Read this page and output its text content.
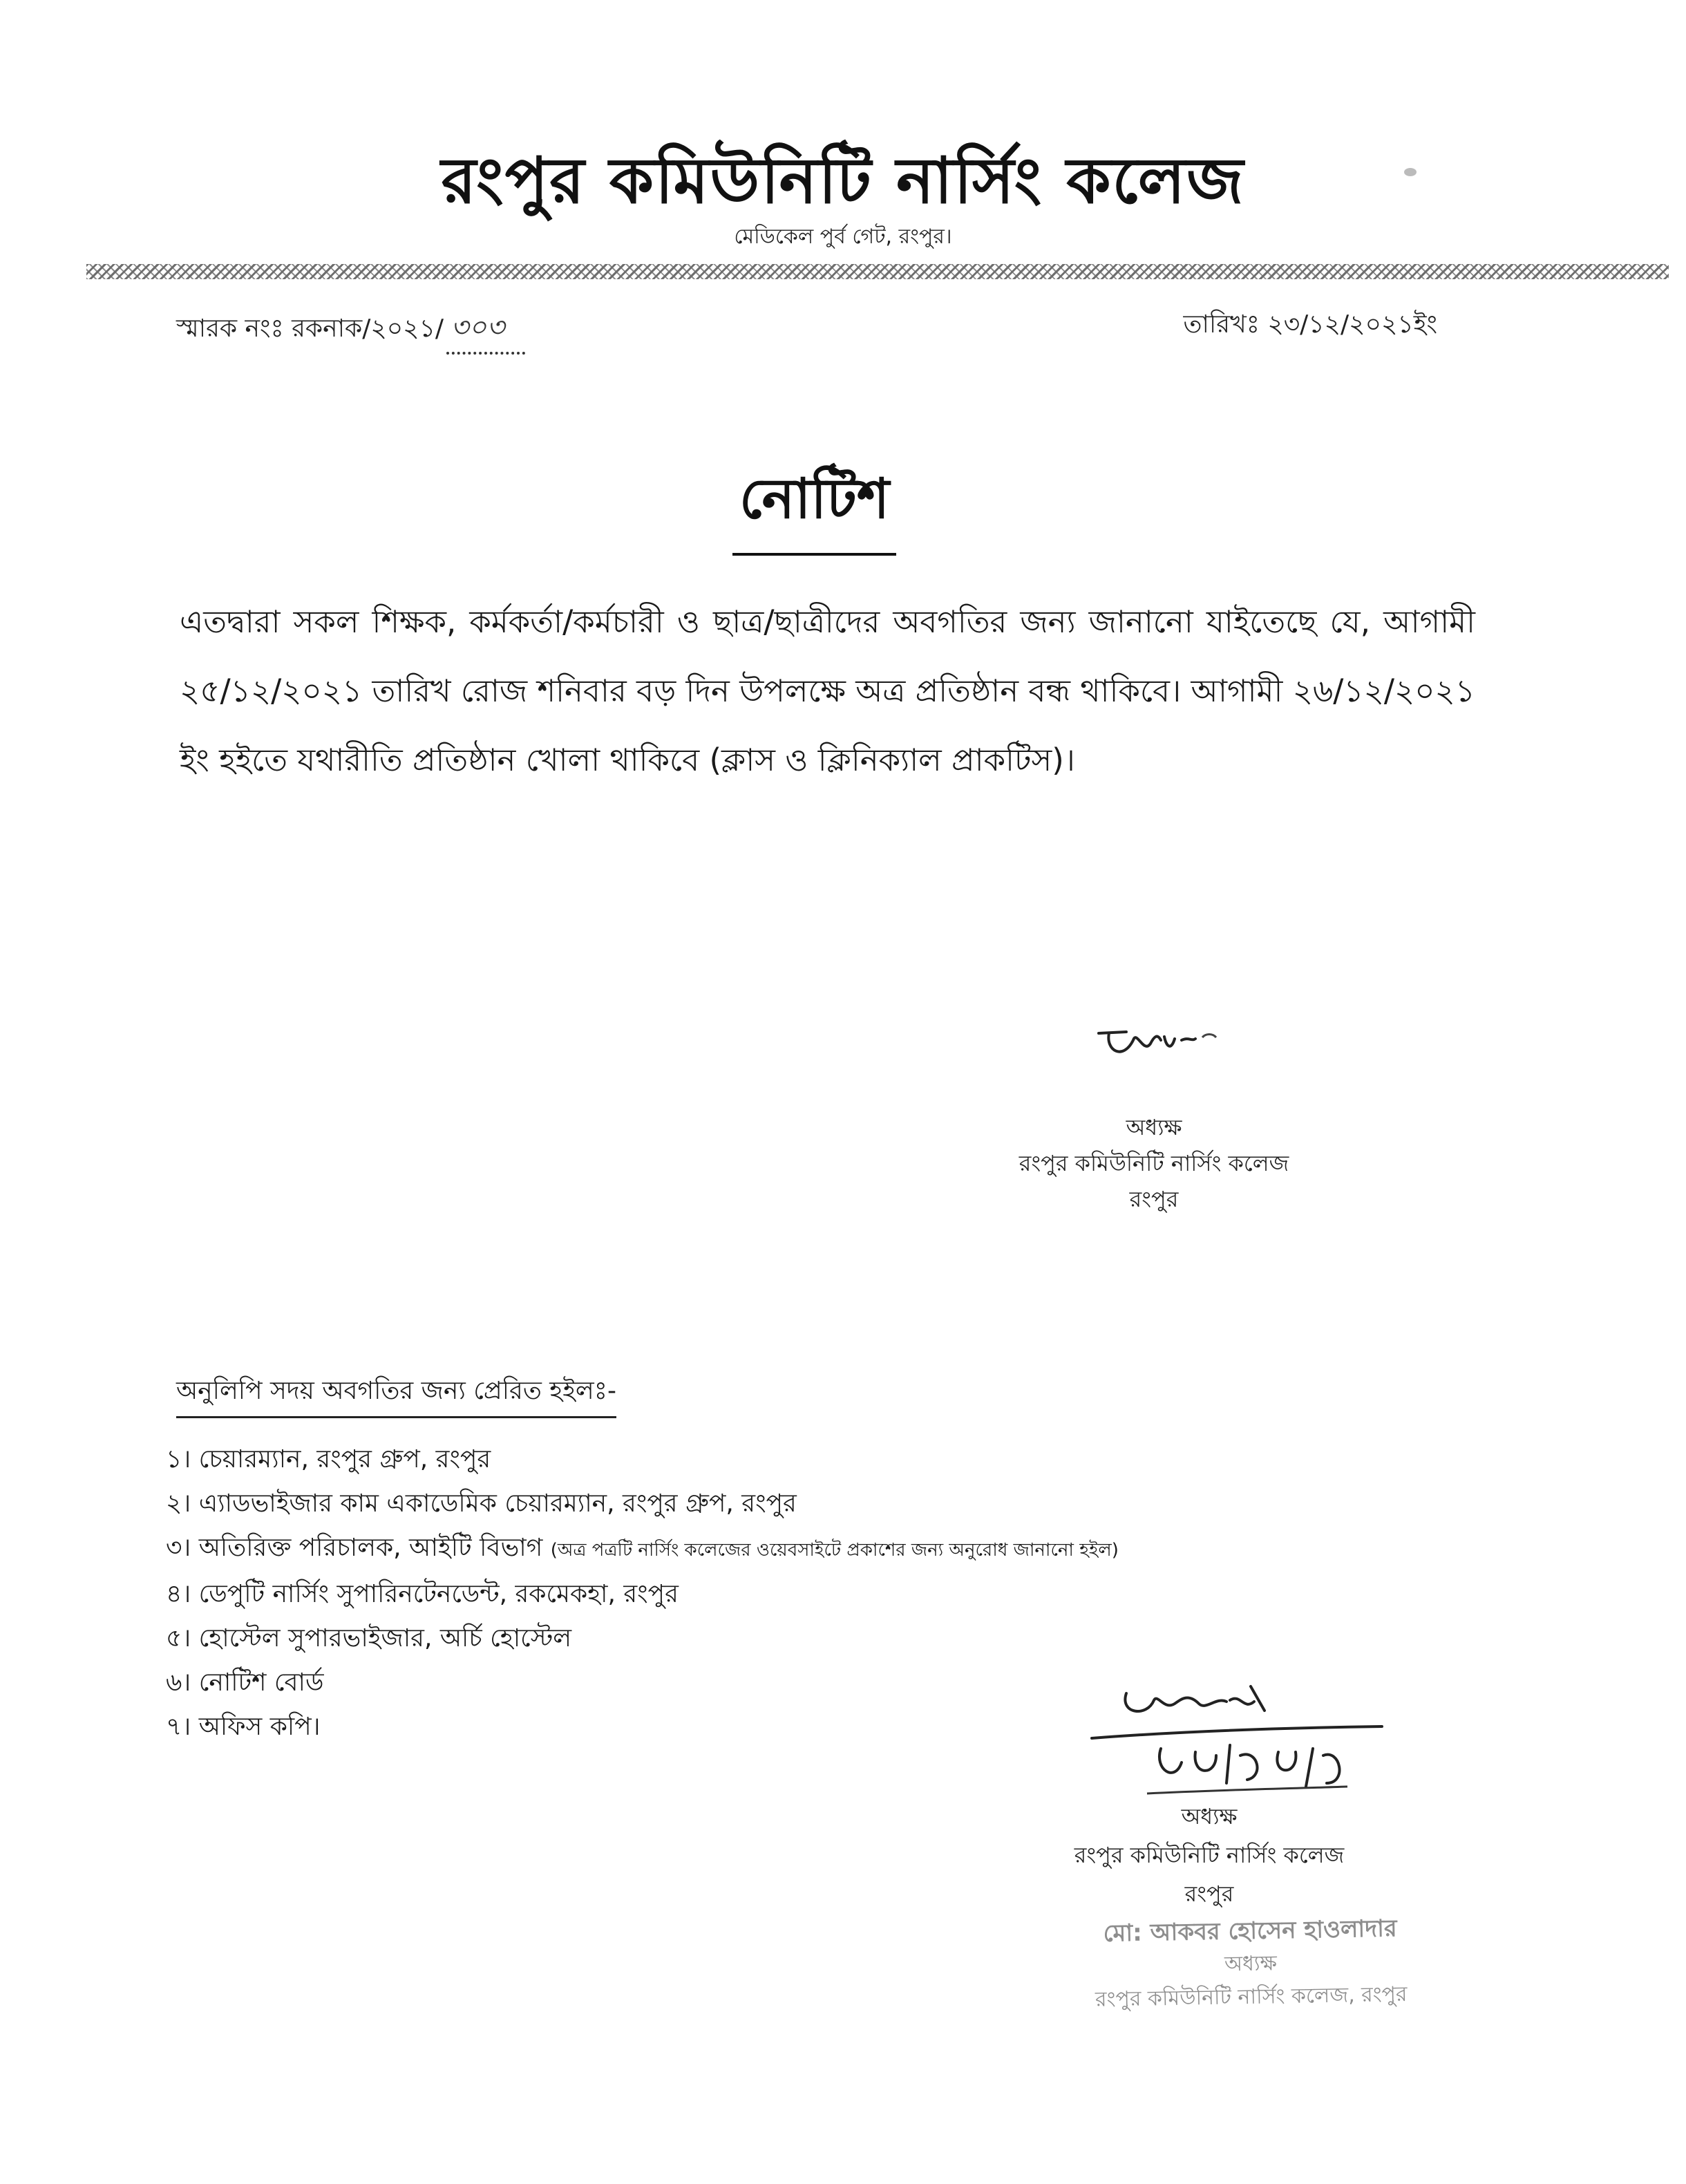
রংপুর কমিউনিটি নার্সিং কলেজ
মেডিকেল পুর্ব গেট, রংপুর।
স্মারক নংঃ রকনাক/২০২১/ ৩০৩	তারিখঃ ২৩/১২/২০২১ইং
নোটিশ
এতদ্বারা সকল শিক্ষক, কর্মকর্তা/কর্মচারী ও ছাত্র/ছাত্রীদের অবগতির জন্য জানানো যাইতেছে যে, আগামী ২৫/১২/২০২১ তারিখ রোজ শনিবার বড় দিন উপলক্ষে অত্র প্রতিষ্ঠান বন্ধ থাকিবে। আগামী ২৬/১২/২০২১ ইং হইতে যথারীতি প্রতিষ্ঠান খোলা থাকিবে (ক্লাস ও ক্লিনিক্যাল প্রাকটিস)।
অধ্যক্ষ
রংপুর কমিউনিটি নার্সিং কলেজ
রংপুর
অনুলিপি সদয় অবগতির জন্য প্রেরিত হইলঃ-
১। চেয়ারম্যান, রংপুর গ্রুপ, রংপুর
২। এ্যাডভাইজার কাম একাডেমিক চেয়ারম্যান, রংপুর গ্রুপ, রংপুর
৩। অতিরিক্ত পরিচালক, আইটি বিভাগ (অত্র পত্রটি নার্সিং কলেজের ওয়েবসাইটে প্রকাশের জন্য অনুরোধ জানানো হইল)
৪। ডেপুটি নার্সিং সুপারিনটেনডেন্ট, রকমেকহা, রংপুর
৫। হোস্টেল সুপারভাইজার, অর্চি হোস্টেল
৬। নোটিশ বোর্ড
৭। অফিস কপি।
অধ্যক্ষ
রংপুর কমিউনিটি নার্সিং কলেজ
রংপুর
মো: আকবর হোসেন হাওলাদার
অধ্যক্ষ
রংপুর কমিউনিটি নার্সিং কলেজ, রংপুর
